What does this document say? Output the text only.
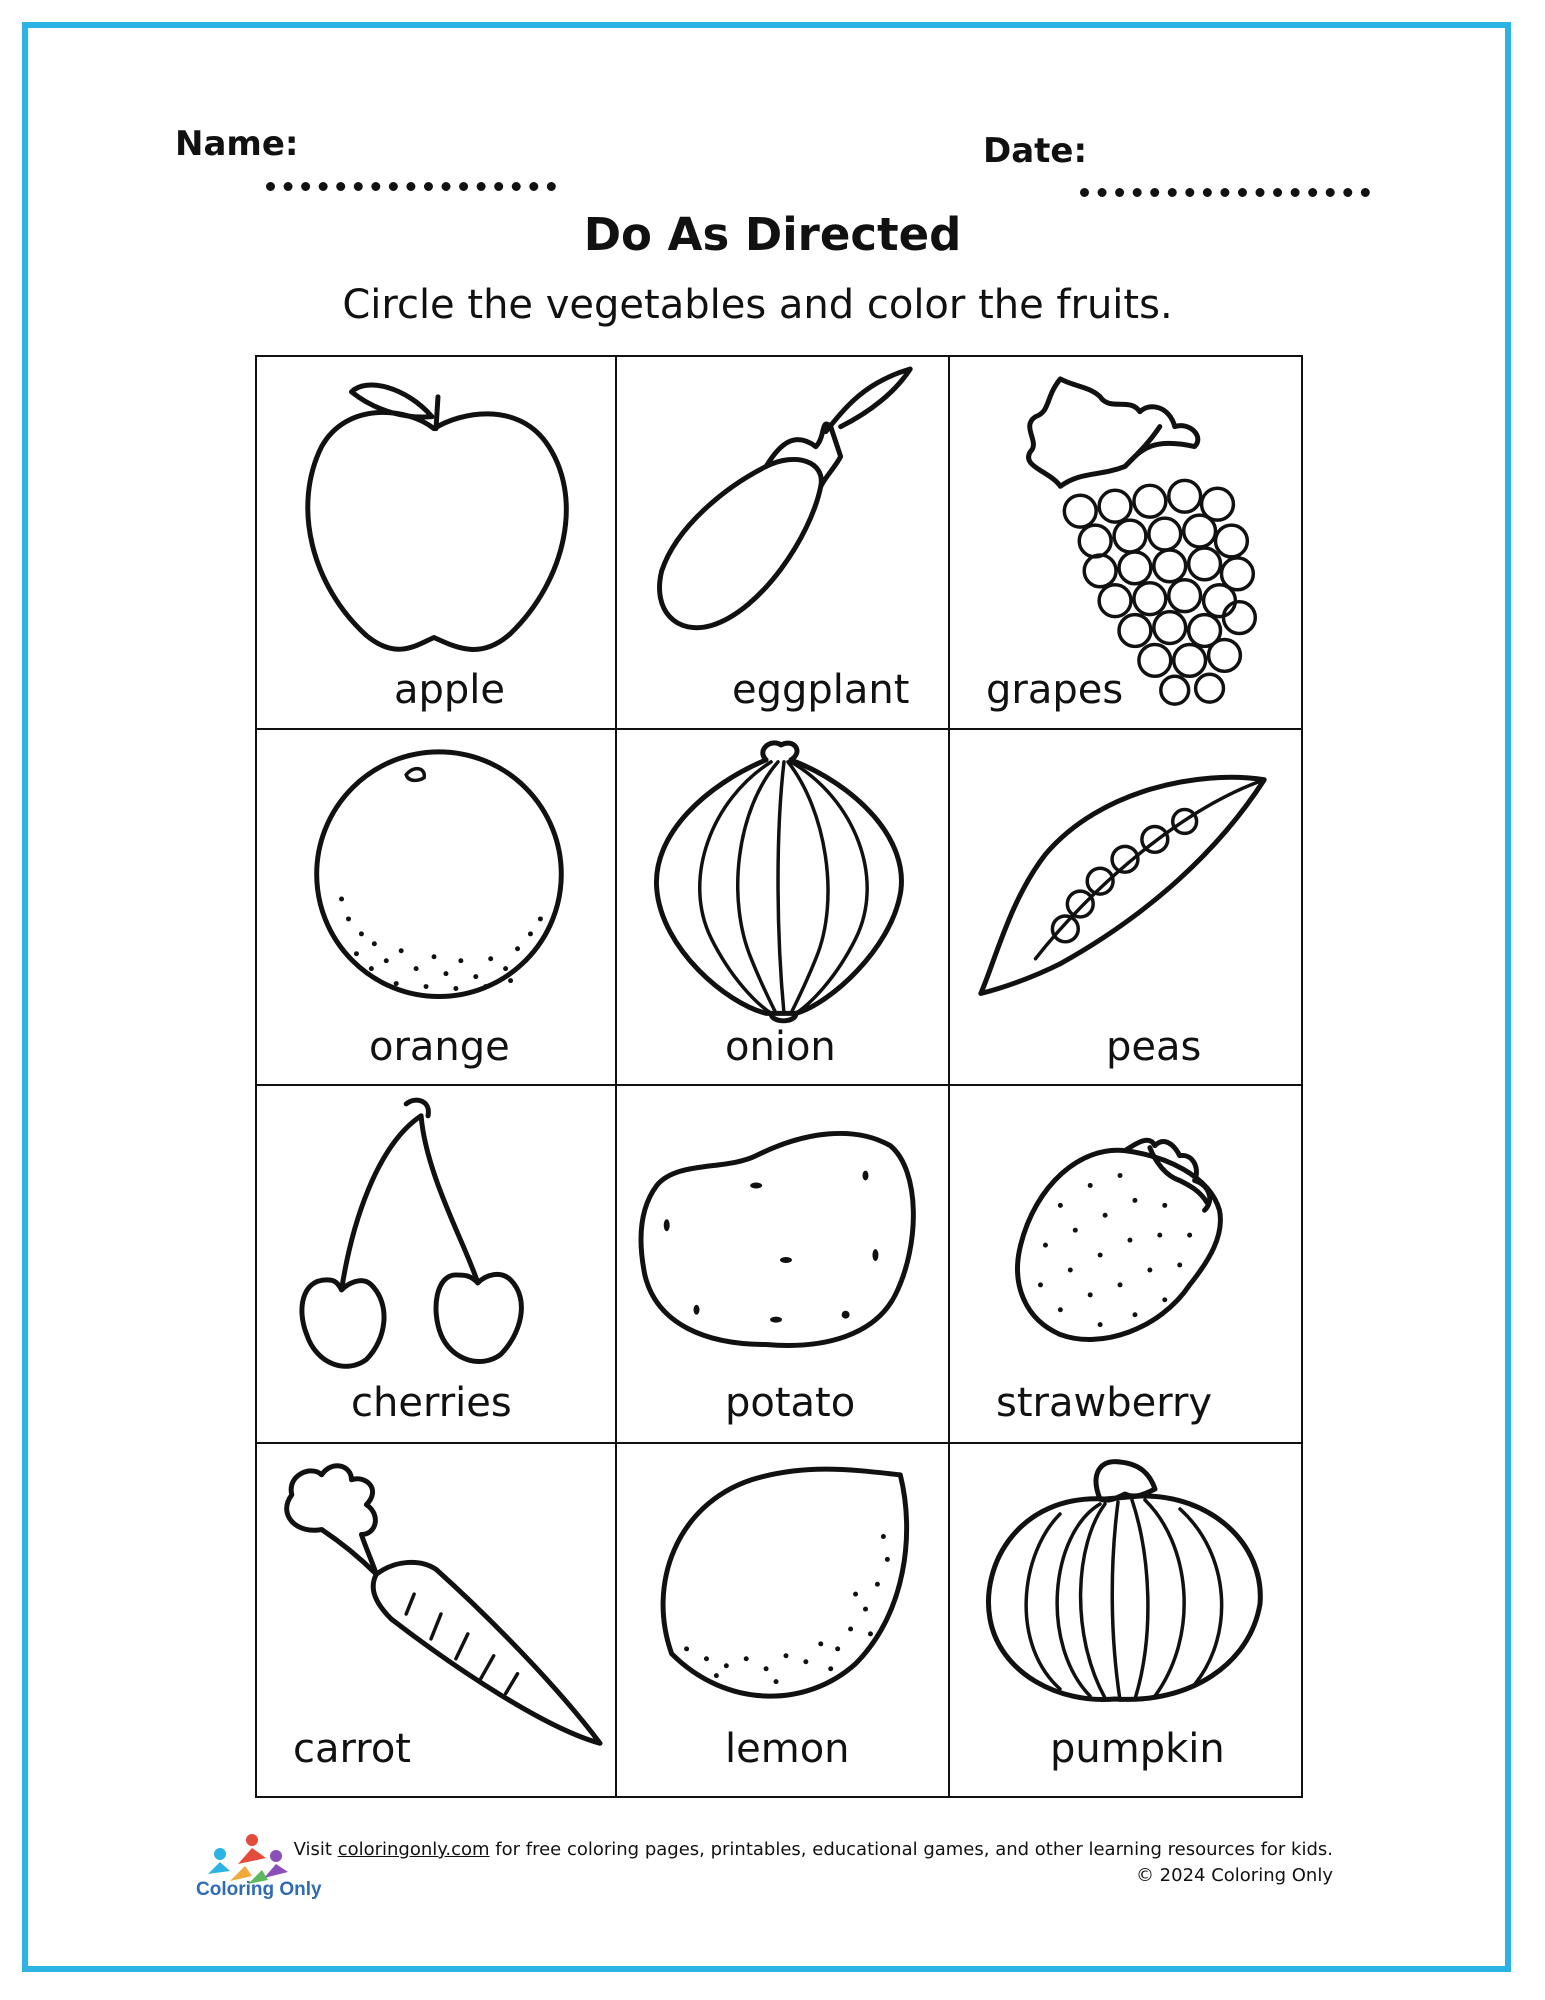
Name:	Date:
Do As Directed
Circle the vegetables and color the fruits.
apple	eggplant grapes
orange	onion	peas
cherries	potato	strawberry
carrot	lemon	pumpkin
Coloring Only
Visit coloringonly.com for free coloring pages, printables, educational games, and other learning resources for kids.
© 2024 Coloring Only
